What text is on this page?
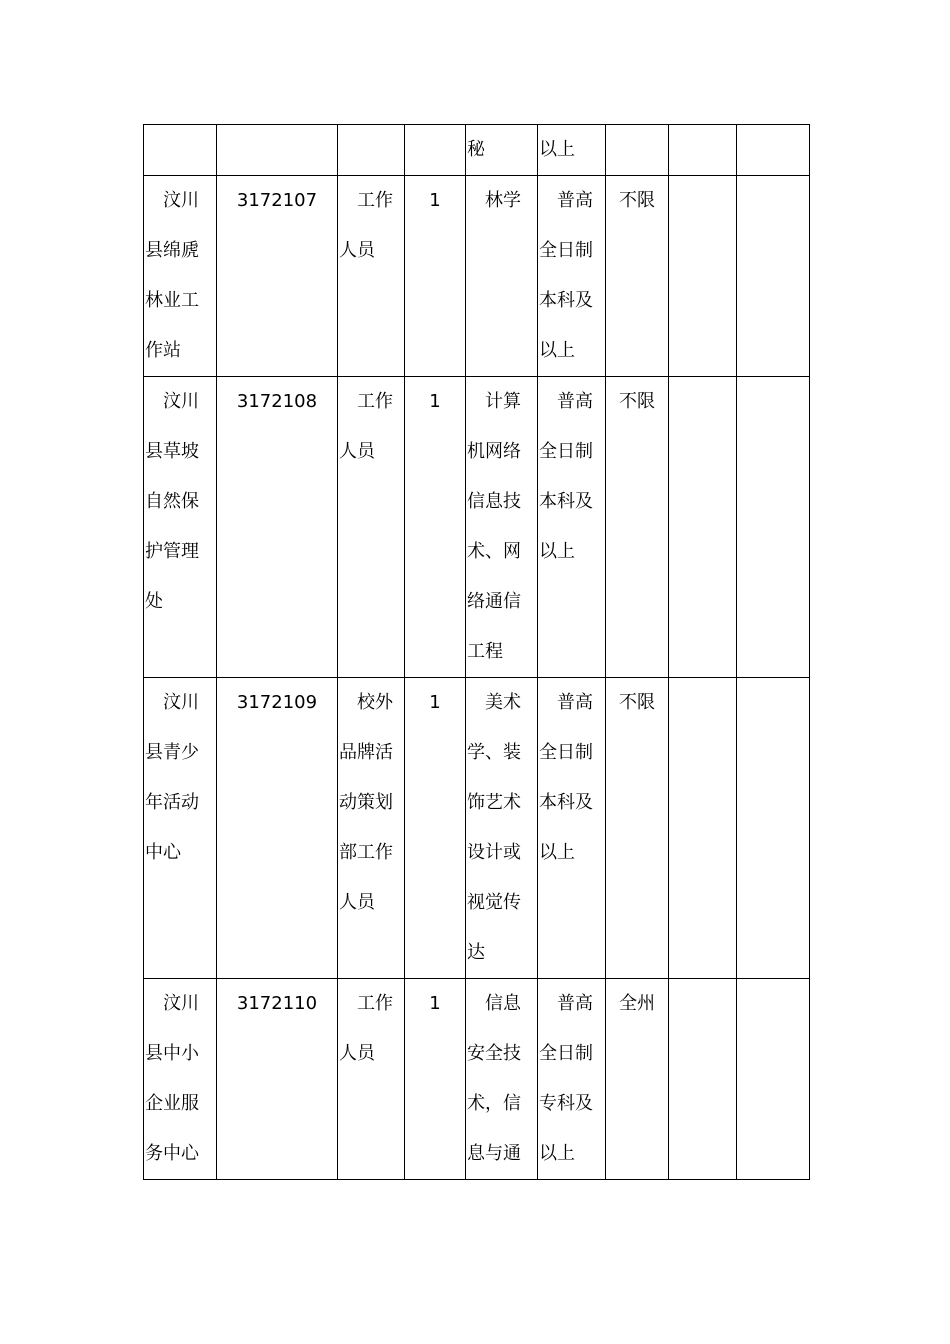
				秘	以上			
　汶川县绵虒林业工作站	3172107	　工作人员	1	　林学	　普高全日制本科及以上	不限		
　汶川县草坡自然保护管理处	3172108	　工作人员	1	　计算机网络信息技术、网络通信工程	　普高全日制本科及以上	不限		
　汶川县青少年活动中心	3172109	　校外品牌活动策划部工作人员	1	　美术学、装饰艺术设计或视觉传达	　普高全日制本科及以上	不限		
　汶川县中小企业服务中心	3172110	　工作人员	1	　信息安全技术，信息与通	　普高全日制专科及以上	全州		
